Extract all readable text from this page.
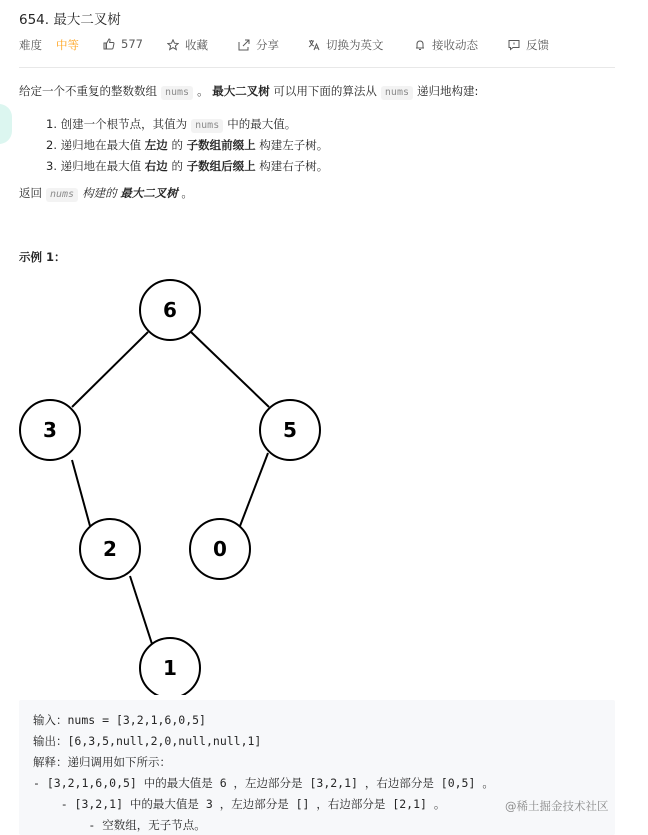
654. 最大二叉树
难度 中等	577	收藏	分享	切换为英文	接收动态	反馈
给定一个不重复的整数数组 nums 。 最大二叉树 可以用下面的算法从 nums 递归地构建:
1. 创建一个根节点，其值为 nums 中的最大值。
2. 递归地在最大值 左边 的 子数组前缀上 构建左子树。
3. 递归地在最大值 右边 的 子数组后缀上 构建右子树。
返回 nums 构建的 最大二叉树 。
示例 1：
6
3	5
2	0
1
输入：nums = [3,2,1,6,0,5]
输出：[6,3,5,null,2,0,null,null,1]
解释：递归调用如下所示：
- [3,2,1,6,0,5] 中的最大值是 6 ，左边部分是 [3,2,1] ，右边部分是 [0,5] 。
- [3,2,1] 中的最大值是 3 ，左边部分是 [] ，右边部分是 [2,1] 。
- 空数组，无子节点。
@稀土掘金技术社区
